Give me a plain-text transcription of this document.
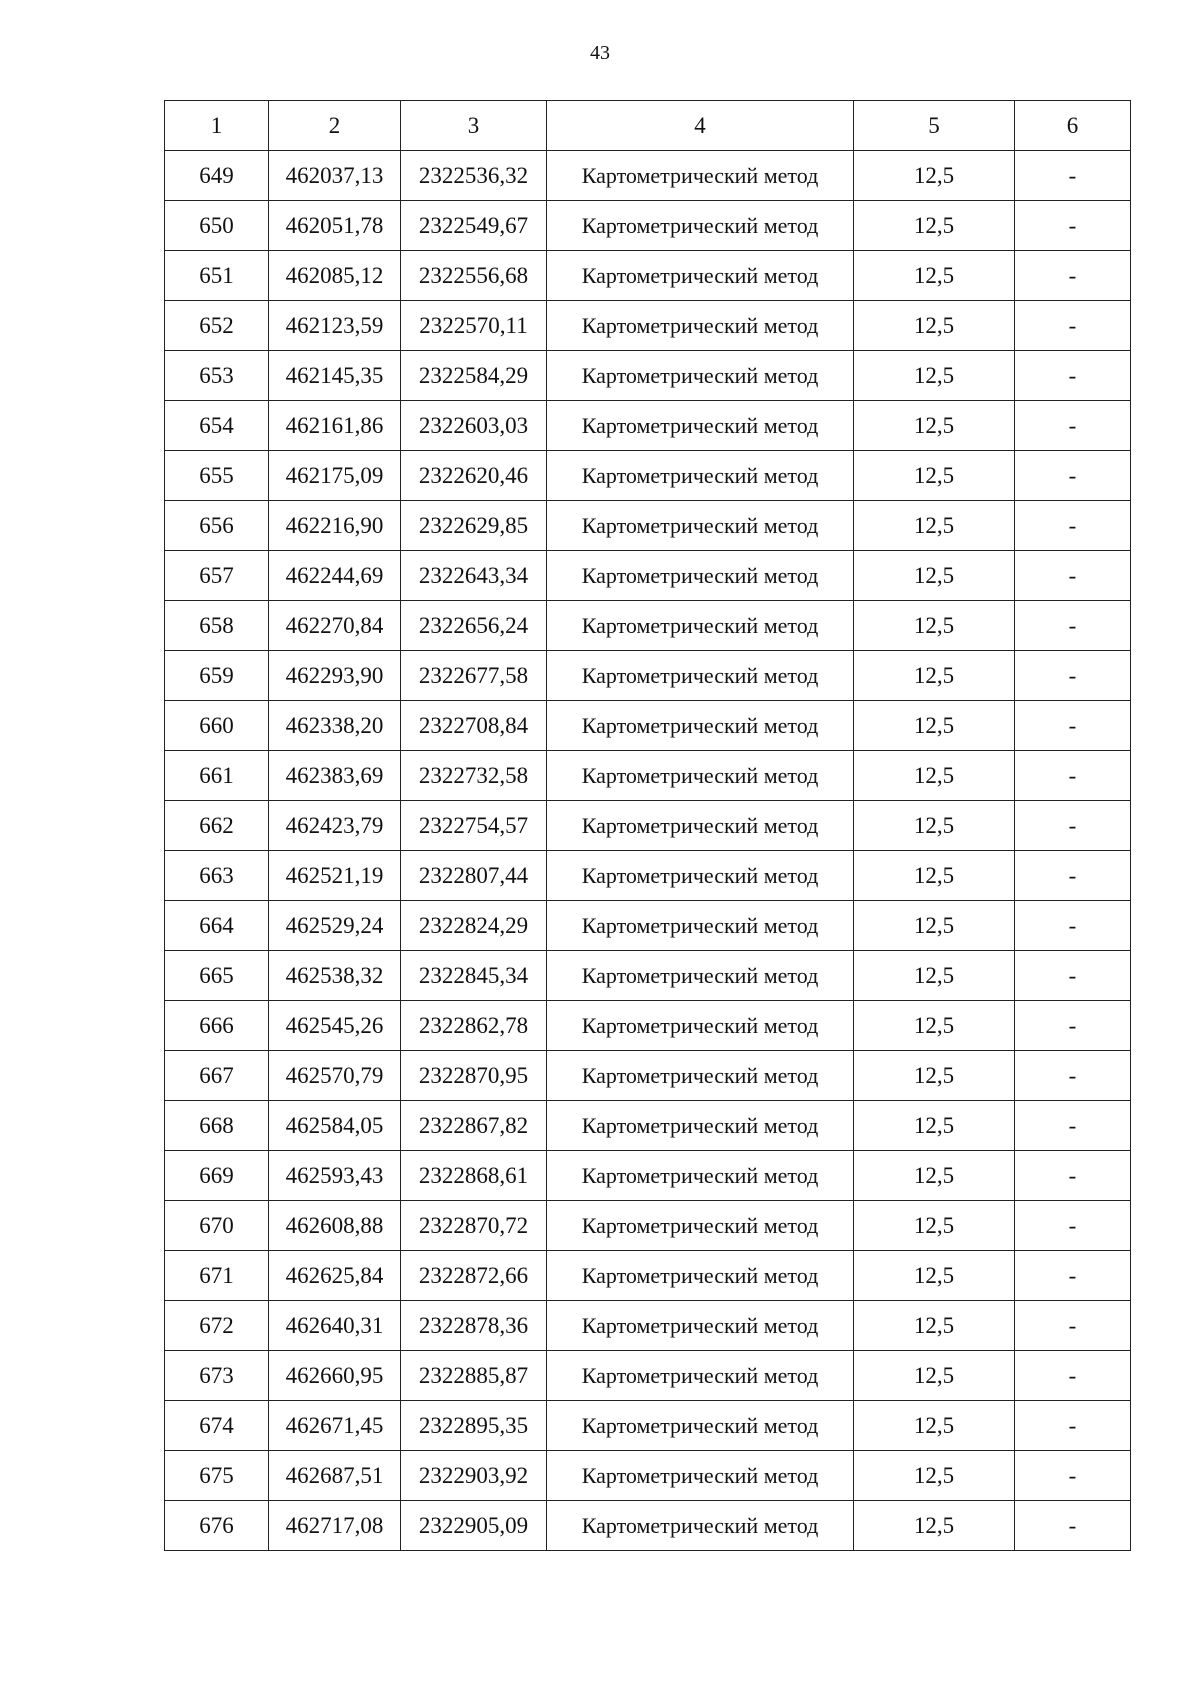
43
1	2	3	4	5	6
649	462037,13	2322536,32	Картометрический метод	12,5	-
650	462051,78	2322549,67	Картометрический метод	12,5	-
651	462085,12	2322556,68	Картометрический метод	12,5	-
652	462123,59	2322570,11	Картометрический метод	12,5	-
653	462145,35	2322584,29	Картометрический метод	12,5	-
654	462161,86	2322603,03	Картометрический метод	12,5	-
655	462175,09	2322620,46	Картометрический метод	12,5	-
656	462216,90	2322629,85	Картометрический метод	12,5	-
657	462244,69	2322643,34	Картометрический метод	12,5	-
658	462270,84	2322656,24	Картометрический метод	12,5	-
659	462293,90	2322677,58	Картометрический метод	12,5	-
660	462338,20	2322708,84	Картометрический метод	12,5	-
661	462383,69	2322732,58	Картометрический метод	12,5	-
662	462423,79	2322754,57	Картометрический метод	12,5	-
663	462521,19	2322807,44	Картометрический метод	12,5	-
664	462529,24	2322824,29	Картометрический метод	12,5	-
665	462538,32	2322845,34	Картометрический метод	12,5	-
666	462545,26	2322862,78	Картометрический метод	12,5	-
667	462570,79	2322870,95	Картометрический метод	12,5	-
668	462584,05	2322867,82	Картометрический метод	12,5	-
669	462593,43	2322868,61	Картометрический метод	12,5	-
670	462608,88	2322870,72	Картометрический метод	12,5	-
671	462625,84	2322872,66	Картометрический метод	12,5	-
672	462640,31	2322878,36	Картометрический метод	12,5	-
673	462660,95	2322885,87	Картометрический метод	12,5	-
674	462671,45	2322895,35	Картометрический метод	12,5	-
675	462687,51	2322903,92	Картометрический метод	12,5	-
676	462717,08	2322905,09	Картометрический метод	12,5	-
